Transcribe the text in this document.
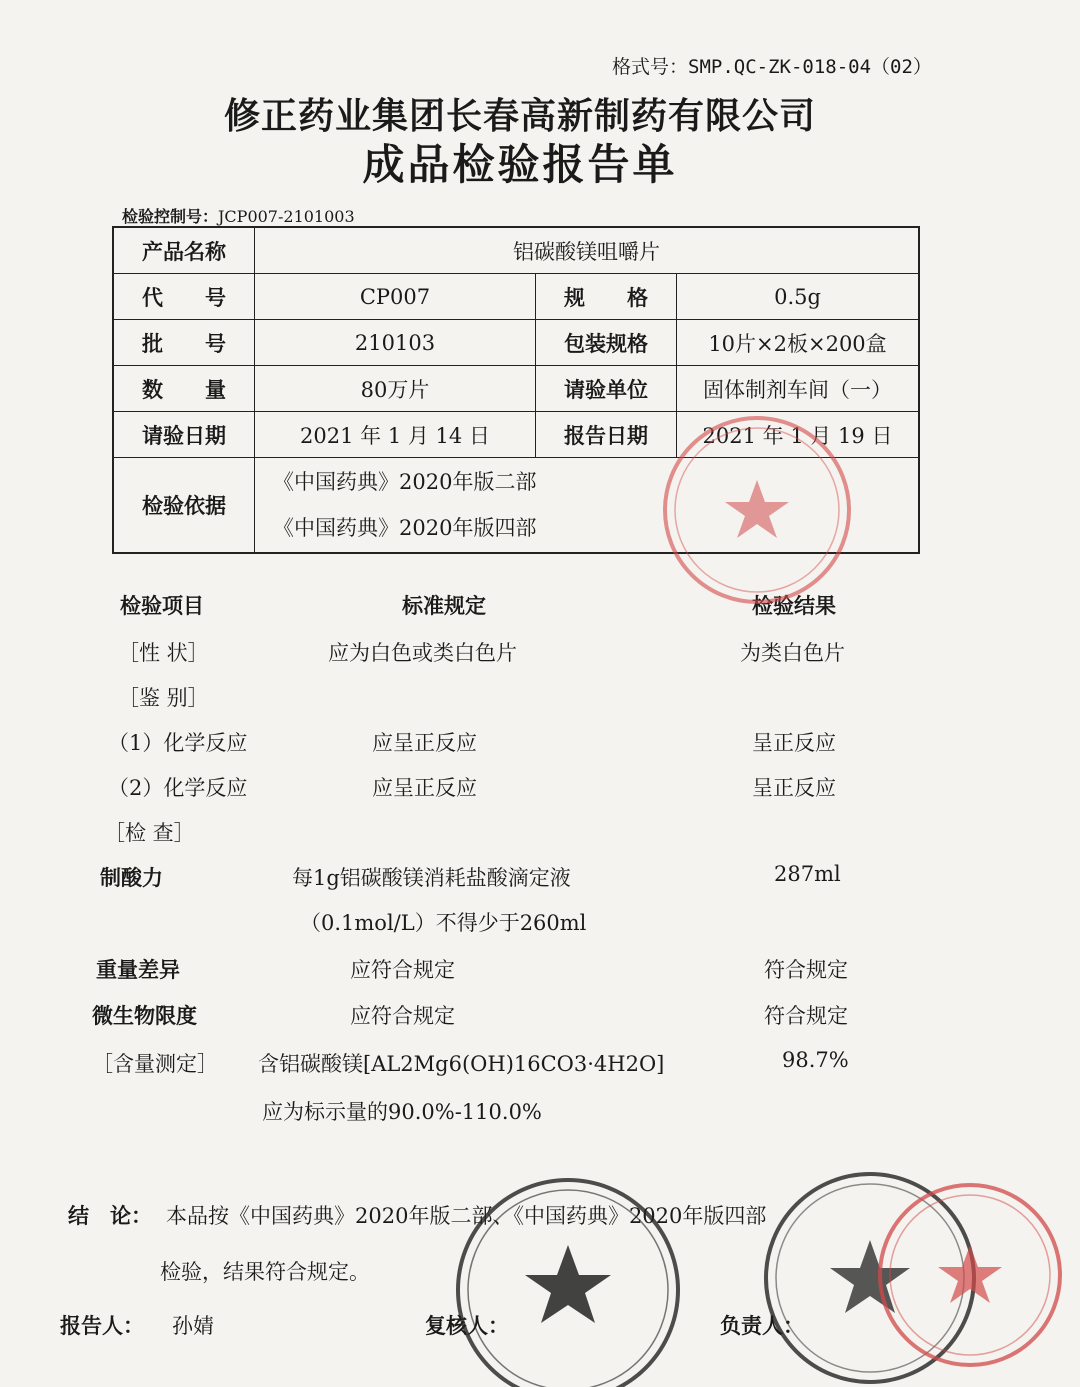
格式号：SMP.QC-ZK-018-04（02）
修正药业集团长春高新制药有限公司
成品检验报告单
检验控制号：JCP007-2101003
产品名称	铝碳酸镁咀嚼片		
代　　号	CP007	规　　格	0.5g
批　　号	210103	包装规格	10片×2板×200盒
数　　量	80万片	请验单位	固体制剂车间（一）
请验日期	2021 年 1 月 14 日	报告日期	2021 年 1 月 19 日
检验依据	《中国药典》2020年版二部
《中国药典》2020年版四部		
检验项目	标准规定	检验结果
［性 状］	应为白色或类白色片	为类白色片
［鉴 别］
（1）化学反应	应呈正反应	呈正反应
（2）化学反应	应呈正反应	呈正反应
［检 查］
制酸力	每1g铝碳酸镁消耗盐酸滴定液	287ml
（0.1mol/L）不得少于260ml
重量差异	应符合规定	符合规定
微生物限度	应符合规定	符合规定
［含量测定］ 含铝碳酸镁[AL2Mg6(OH)16CO3·4H2O]	98.7%
应为标示量的90.0%-110.0%
结　论： 本品按《中国药典》2020年版二部、《中国药典》2020年版四部
检验，结果符合规定。
报告人： 孙婧	复核人：	负责人：
